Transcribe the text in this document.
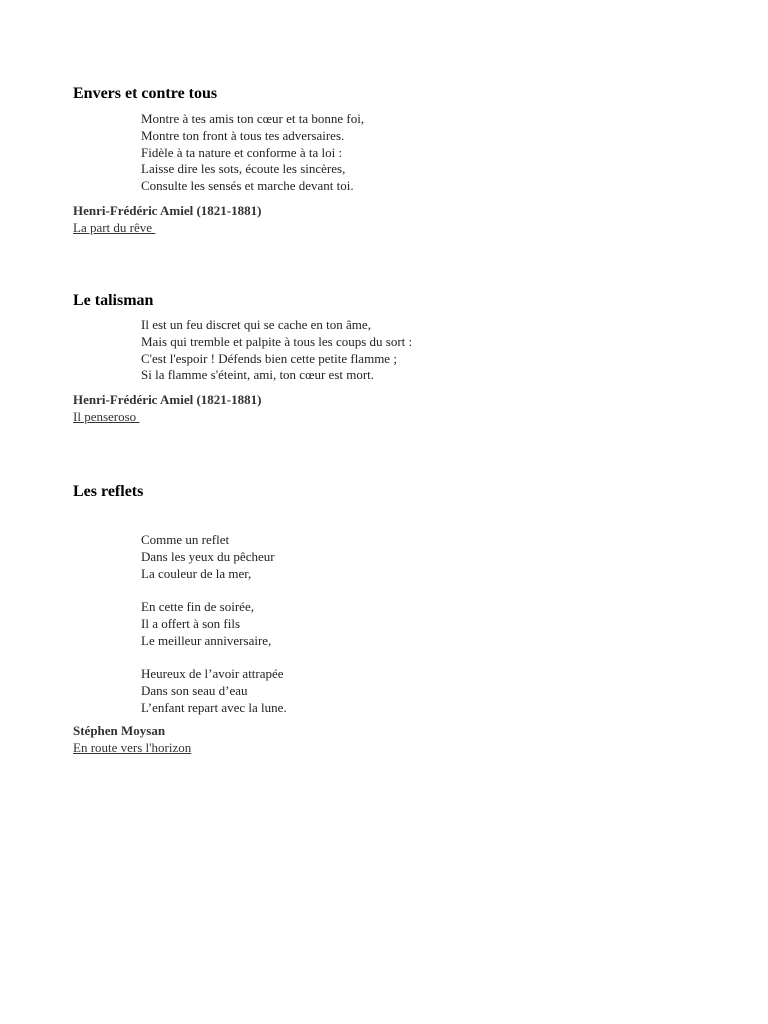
Envers et contre tous
Montre à tes amis ton cœur et ta bonne foi,
Montre ton front à tous tes adversaires.
Fidèle à ta nature et conforme à ta loi :
Laisse dire les sots, écoute les sincères,
Consulte les sensés et marche devant toi.
Henri-Frédéric Amiel (1821-1881)
La part du rêve
Le talisman
Il est un feu discret qui se cache en ton âme,
Mais qui tremble et palpite à tous les coups du sort :
C'est l'espoir ! Défends bien cette petite flamme ;
Si la flamme s'éteint, ami, ton cœur est mort.
Henri-Frédéric Amiel (1821-1881)
Il penseroso
Les reflets
Comme un reflet
Dans les yeux du pêcheur
La couleur de la mer,
En cette fin de soirée,
Il a offert à son fils
Le meilleur anniversaire,
Heureux de l’avoir attrapée
Dans son seau d’eau
L’enfant repart avec la lune.
Stéphen Moysan
En route vers l'horizon
